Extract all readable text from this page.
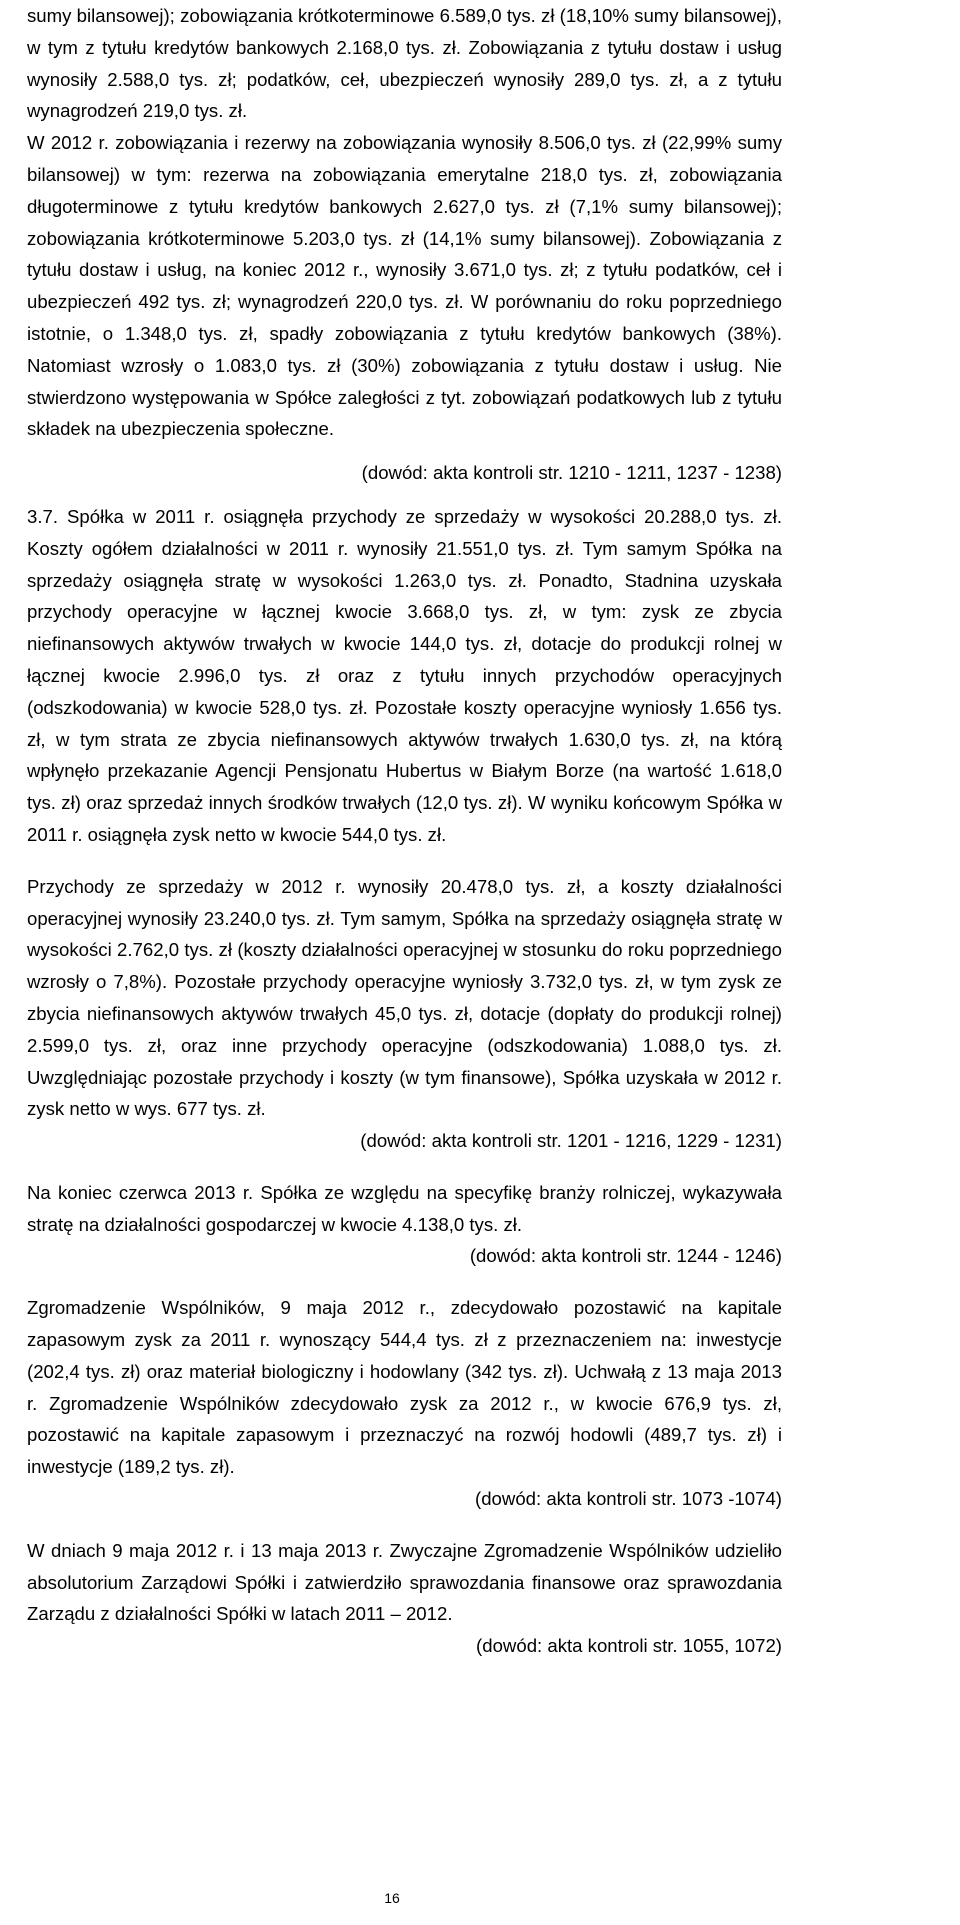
sumy bilansowej); zobowiązania krótkoterminowe 6.589,0 tys. zł (18,10% sumy bilansowej), w tym z tytułu kredytów bankowych 2.168,0 tys. zł. Zobowiązania z tytułu dostaw i usług wynosiły 2.588,0 tys. zł; podatków, ceł, ubezpieczeń wynosiły 289,0 tys. zł, a z tytułu wynagrodzeń 219,0 tys. zł.

W 2012 r. zobowiązania i rezerwy na zobowiązania wynosiły 8.506,0 tys. zł (22,99% sumy bilansowej) w tym: rezerwa na zobowiązania emerytalne 218,0 tys. zł, zobowiązania długoterminowe z tytułu kredytów bankowych 2.627,0 tys. zł (7,1% sumy bilansowej); zobowiązania krótkoterminowe 5.203,0 tys. zł (14,1% sumy bilansowej). Zobowiązania z tytułu dostaw i usług, na koniec 2012 r., wynosiły 3.671,0 tys. zł; z tytułu podatków, ceł i ubezpieczeń 492 tys. zł; wynagrodzeń 220,0 tys. zł. W porównaniu do roku poprzedniego istotnie, o 1.348,0 tys. zł, spadły zobowiązania z tytułu kredytów bankowych (38%). Natomiast wzrosły o 1.083,0 tys. zł (30%) zobowiązania z tytułu dostaw i usług. Nie stwierdzono występowania w Spółce zaległości z tyt. zobowiązań podatkowych lub z tytułu składek na ubezpieczenia społeczne.

(dowód: akta kontroli str. 1210 - 1211, 1237 - 1238)

3.7. Spółka w 2011 r. osiągnęła przychody ze sprzedaży w wysokości 20.288,0 tys. zł. Koszty ogółem działalności w 2011 r. wynosiły 21.551,0 tys. zł. Tym samym Spółka na sprzedaży osiągnęła stratę w wysokości 1.263,0 tys. zł. Ponadto, Stadnina uzyskała przychody operacyjne w łącznej kwocie 3.668,0 tys. zł, w tym: zysk ze zbycia niefinansowych aktywów trwałych w kwocie 144,0 tys. zł, dotacje do produkcji rolnej w łącznej kwocie 2.996,0 tys. zł oraz z tytułu innych przychodów operacyjnych (odszkodowania) w kwocie 528,0 tys. zł. Pozostałe koszty operacyjne wyniosły 1.656 tys. zł, w tym strata ze zbycia niefinansowych aktywów trwałych 1.630,0 tys. zł, na którą wpłynęło przekazanie Agencji Pensjonatu Hubertus w Białym Borze (na wartość 1.618,0 tys. zł) oraz sprzedaż innych środków trwałych (12,0 tys. zł). W wyniku końcowym Spółka w 2011 r. osiągnęła zysk netto w kwocie 544,0 tys. zł.

Przychody ze sprzedaży w 2012 r. wynosiły 20.478,0 tys. zł, a koszty działalności operacyjnej wynosiły 23.240,0 tys. zł. Tym samym, Spółka na sprzedaży osiągnęła stratę w wysokości 2.762,0 tys. zł (koszty działalności operacyjnej w stosunku do roku poprzedniego wzrosły o 7,8%). Pozostałe przychody operacyjne wyniosły 3.732,0 tys. zł, w tym zysk ze zbycia niefinansowych aktywów trwałych 45,0 tys. zł, dotacje (dopłaty do produkcji rolnej) 2.599,0 tys. zł, oraz inne przychody operacyjne (odszkodowania) 1.088,0 tys. zł. Uwzględniając pozostałe przychody i koszty (w tym finansowe), Spółka uzyskała w 2012 r. zysk netto w wys. 677 tys. zł.

(dowód: akta kontroli str. 1201 - 1216, 1229 - 1231)

Na koniec czerwca 2013 r. Spółka ze względu na specyfikę branży rolniczej, wykazywała stratę na działalności gospodarczej w kwocie 4.138,0 tys. zł.

(dowód: akta kontroli str. 1244 - 1246)

Zgromadzenie Wspólników, 9 maja 2012 r., zdecydowało pozostawić na kapitale zapasowym zysk za 2011 r. wynoszący 544,4 tys. zł z przeznaczeniem na: inwestycje (202,4 tys. zł) oraz materiał biologiczny i hodowlany (342 tys. zł). Uchwałą z 13 maja 2013 r. Zgromadzenie Wspólników zdecydowało zysk za 2012 r., w kwocie 676,9 tys. zł, pozostawić na kapitale zapasowym i przeznaczyć na rozwój hodowli (489,7 tys. zł) i inwestycje (189,2 tys. zł).

(dowód: akta kontroli str. 1073 -1074)

W dniach 9 maja 2012 r. i 13 maja 2013 r. Zwyczajne Zgromadzenie Wspólników udzieliło absolutorium Zarządowi Spółki i zatwierdziło sprawozdania finansowe oraz sprawozdania Zarządu z działalności Spółki w latach 2011 – 2012.

(dowód: akta kontroli str. 1055, 1072)

16
